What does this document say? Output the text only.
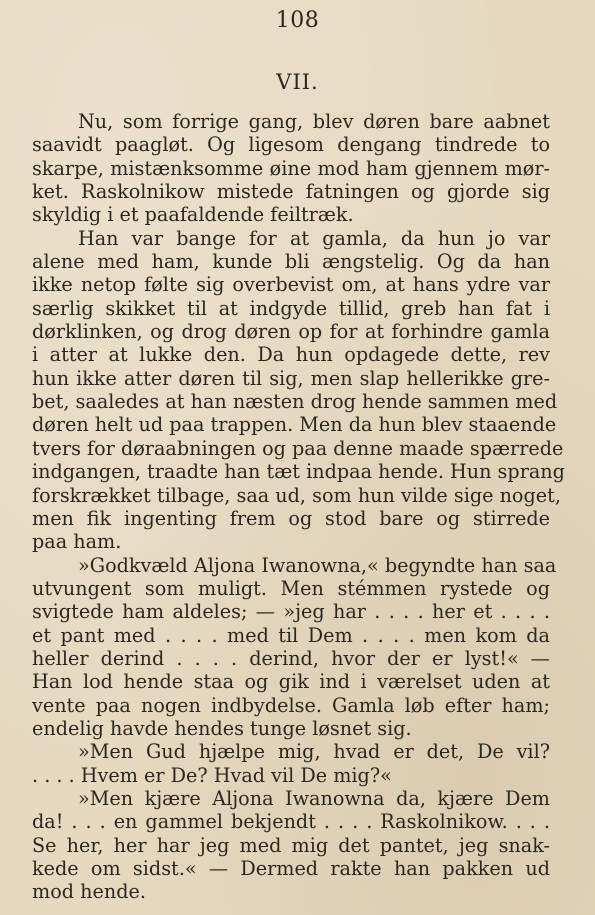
108
VII.
Nu, som forrige gang, blev døren bare aabnet
saavidt paagløt. Og ligesom dengang tindrede to
skarpe, mistænksomme øine mod ham gjennem mør-
ket. Raskolnikow mistede fatningen og gjorde sig
skyldig i et paafaldende feiltræk.
Han var bange for at gamla, da hun jo var
alene med ham, kunde bli ængstelig. Og da han
ikke netop følte sig overbevist om, at hans ydre var
særlig skikket til at indgyde tillid, greb han fat i
dørklinken, og drog døren op for at forhindre gamla
i atter at lukke den. Da hun opdagede dette, rev
hun ikke atter døren til sig, men slap hellerikke gre-
bet, saaledes at han næsten drog hende sammen med
døren helt ud paa trappen. Men da hun blev staaende
tvers for døraabningen og paa denne maade spærrede
indgangen, traadte han tæt indpaa hende. Hun sprang
forskrækket tilbage, saa ud, som hun vilde sige noget,
men fik ingenting frem og stod bare og stirrede
paa ham.
»Godkvæld Aljona Iwanowna,« begyndte han saa
utvungent som muligt. Men stémmen rystede og
svigtede ham aldeles; — »jeg har . . . . her et . . . .
et pant med . . . . med til Dem . . . . men kom da
heller derind . . . . derind, hvor der er lyst!« —
Han lod hende staa og gik ind i værelset uden at
vente paa nogen indbydelse. Gamla løb efter ham;
endelig havde hendes tunge løsnet sig.
»Men Gud hjælpe mig, hvad er det, De vil?
. . . . Hvem er De? Hvad vil De mig?«
»Men kjære Aljona Iwanowna da, kjære Dem
da! . . . en gammel bekjendt . . . . Raskolnikow. . . .
Se her, her har jeg med mig det pantet, jeg snak-
kede om sidst.« — Dermed rakte han pakken ud
mod hende.
